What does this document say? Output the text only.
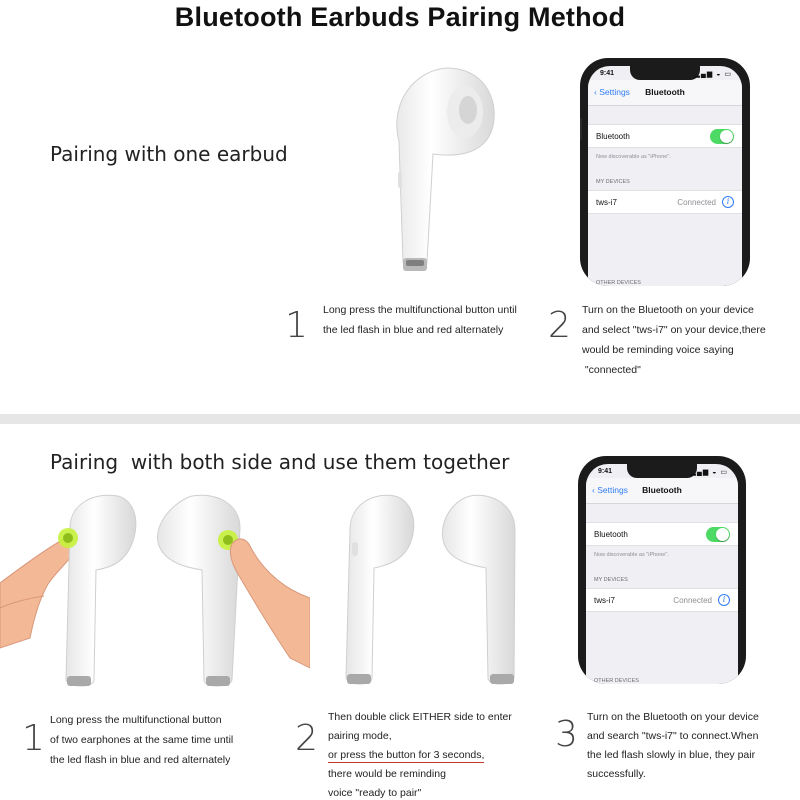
Bluetooth Earbuds Pairing Method
Pairing with one earbud
9:41	▂▄▆ ◒ ▭
‹ Settings	Bluetooth
Bluetooth
Now discoverable as "iPhone".
MY DEVICES
tws-i7	Connected	i
OTHER DEVICES
1 Long press the multifunctional button until
the led flash in blue and red alternately	2 Turn on the Bluetooth on your device
and select "tws-i7" on your device,there
would be reminding voice saying
"connected"
Pairing  with both side and use them together	9:41	▂▄▆ ◒ ▭
‹ Settings	Bluetooth
Bluetooth
Now discoverable as "iPhone".
MY DEVICES
tws-i7	Connected	i
OTHER DEVICES
1 Long press the multifunctional button
of two earphones at the same time until
the led flash in blue and red alternately
2
Then double click EITHER side to enter
pairing mode,
or press the button for 3 seconds,
there would be reminding
voice "ready to pair"
3 Turn on the Bluetooth on your device
and search "tws-i7" to connect.When
the led flash slowly in blue, they pair
successfully.
